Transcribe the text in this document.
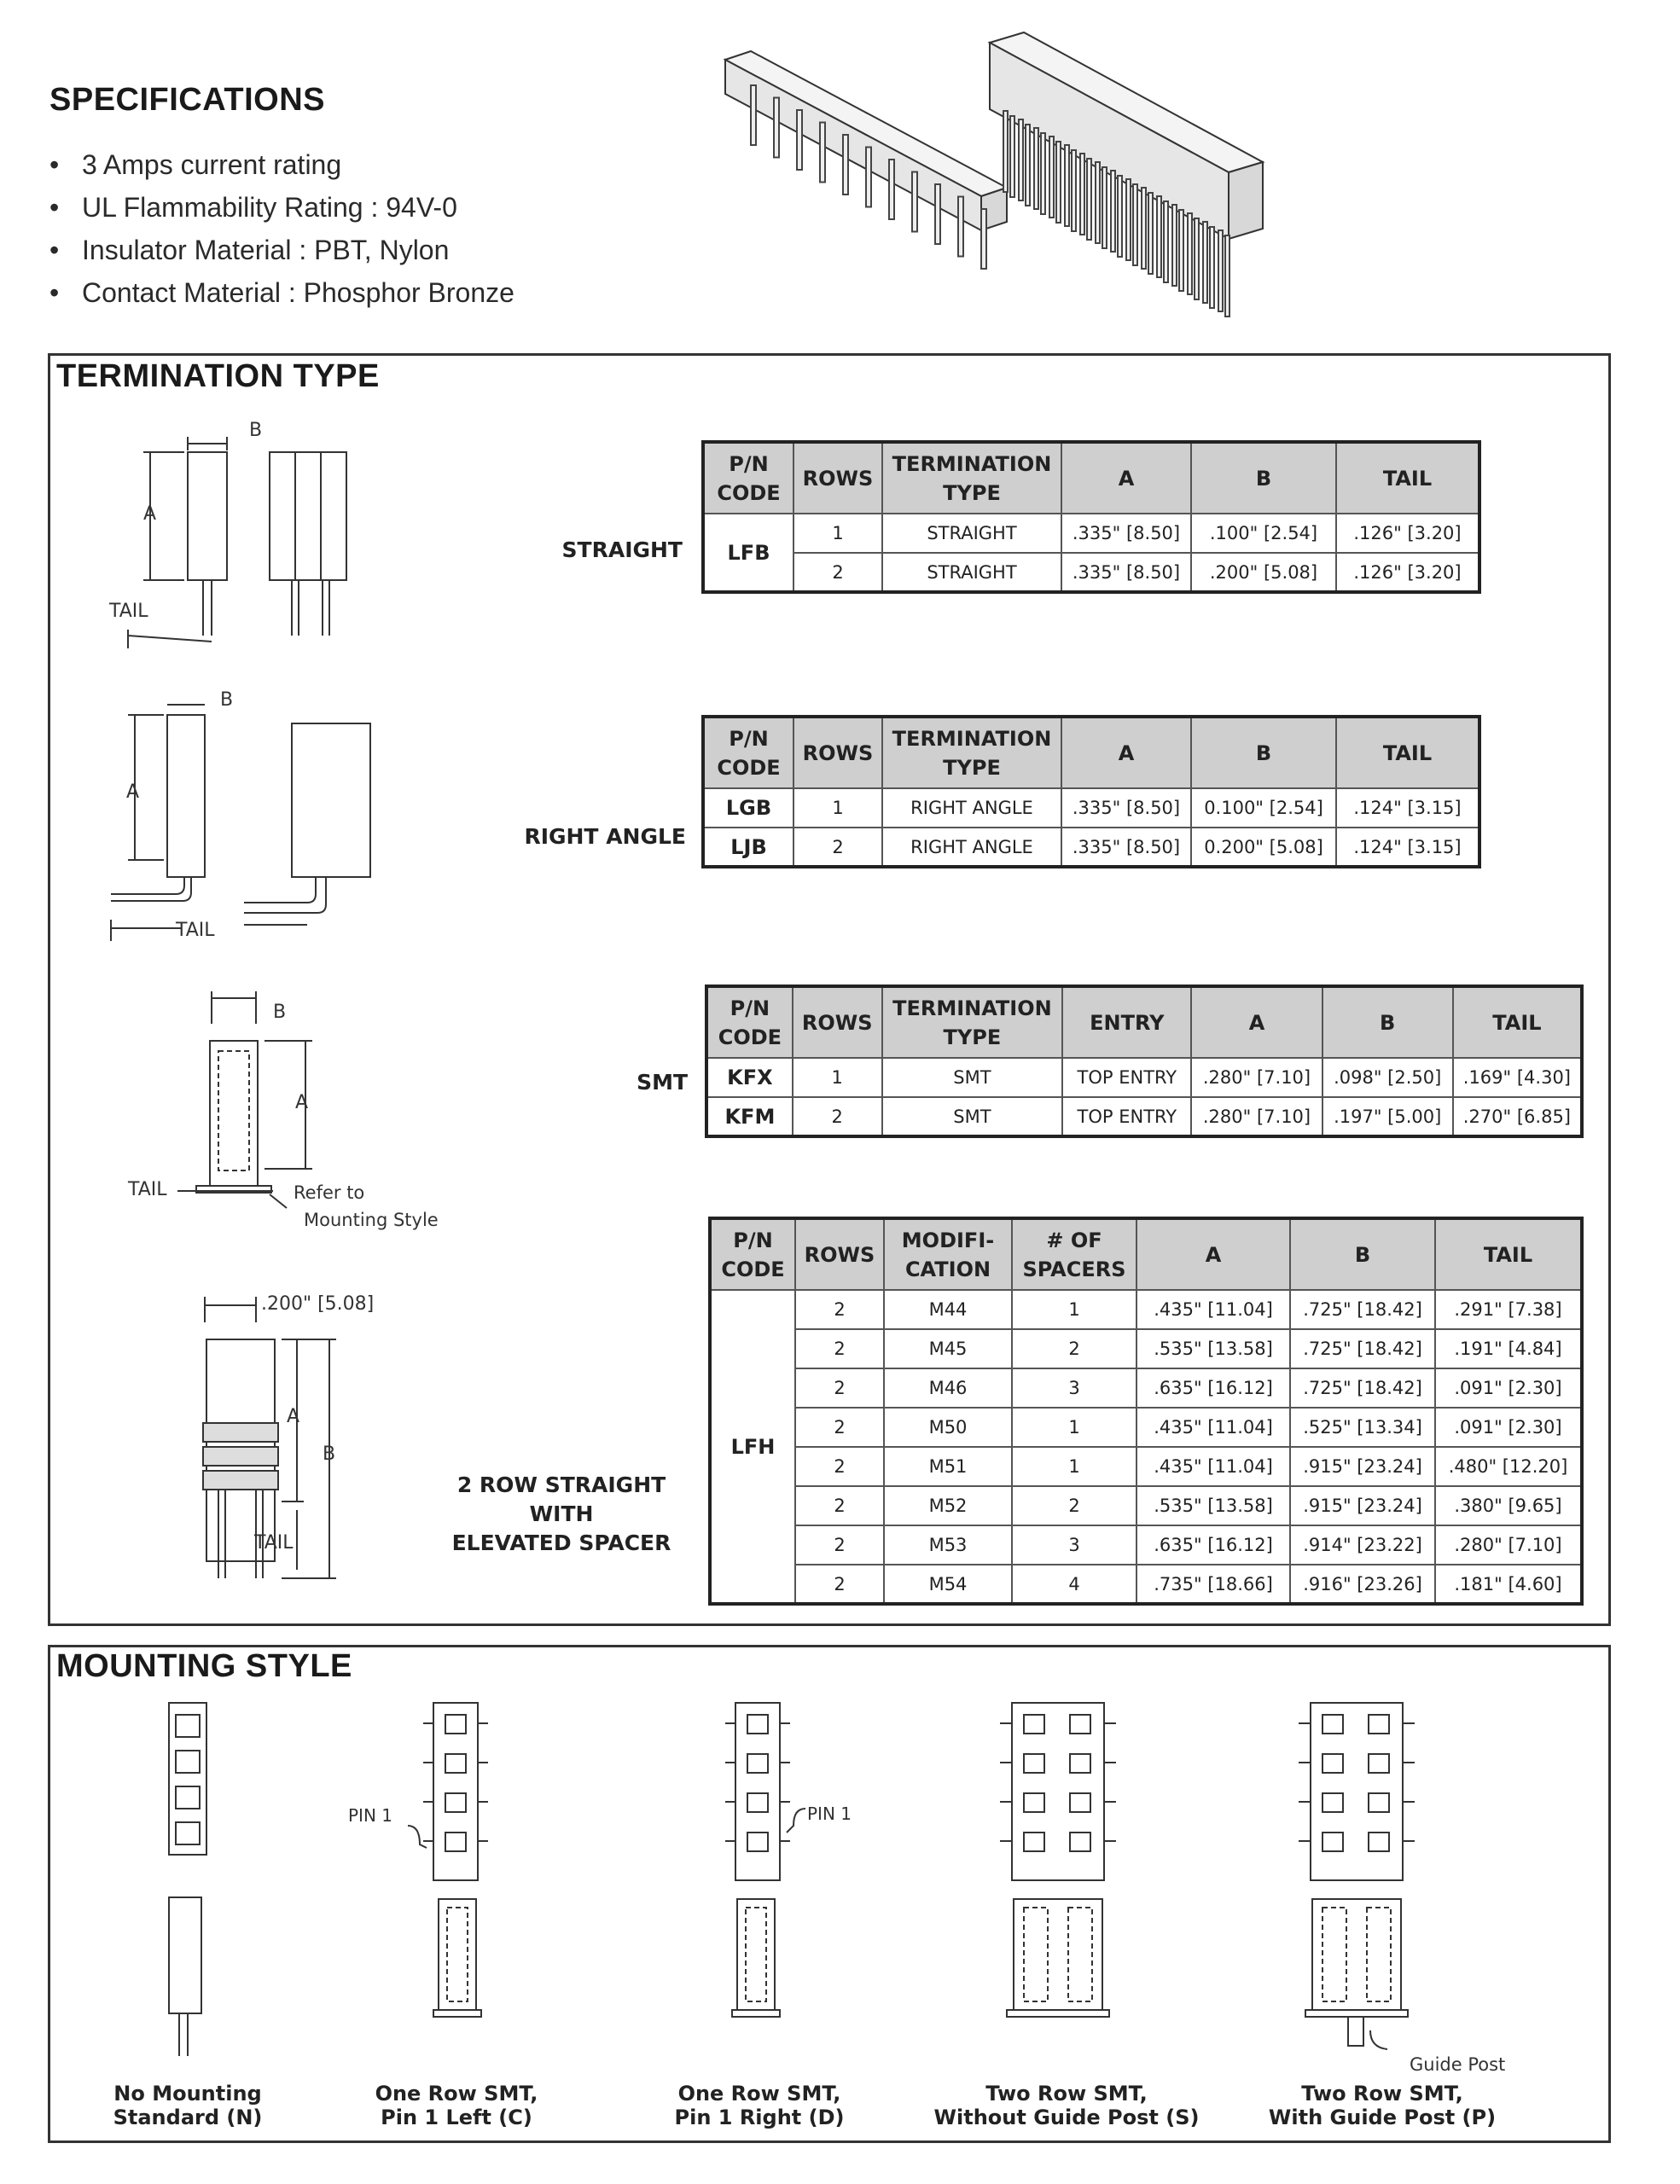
SPECIFICATIONS
• 3 Amps current rating
• UL Flammability Rating : 94V-0
• Insulator Material : PBT, Nylon
• Contact Material : Phosphor Bronze
TERMINATION TYPE
B
A
TAIL
STRAIGHT
P/N CODE	ROWS	TERMINATION TYPE	A	B	TAIL
LFB	1	STRAIGHT	.335" [8.50]	.100" [2.54]	.126" [3.20]
	2	STRAIGHT	.335" [8.50]	.200" [5.08]	.126" [3.20]
B
A
TAIL
RIGHT ANGLE
P/N CODE	ROWS	TERMINATION TYPE	A	B	TAIL
LGB	1	RIGHT ANGLE	.335" [8.50]	0.100" [2.54]	.124" [3.15]
LJB	2	RIGHT ANGLE	.335" [8.50]	0.200" [5.08]	.124" [3.15]
B
A
TAIL	Refer to
Mounting Style
SMT
P/N CODE	ROWS	TERMINATION TYPE	ENTRY	A	B	TAIL
KFX	1	SMT	TOP ENTRY	.280" [7.10]	.098" [2.50]	.169" [4.30]
KFM	2	SMT	TOP ENTRY	.280" [7.10]	.197" [5.00]	.270" [6.85]
.200" [5.08]
A
B
TAIL
2 ROW STRAIGHT WITH
ELEVATED SPACER
P/N CODE	ROWS	MODIFI- CATION	# OF SPACERS	A	B	TAIL
LFH	2	M44	1	.435" [11.04]	.725" [18.42]	.291" [7.38]
	2	M45	2	.535" [13.58]	.725" [18.42]	.191" [4.84]
	2	M46	3	.635" [16.12]	.725" [18.42]	.091" [2.30]
	2	M50	1	.435" [11.04]	.525" [13.34]	.091" [2.30]
	2	M51	1	.435" [11.04]	.915" [23.24]	.480" [12.20]
	2	M52	2	.535" [13.58]	.915" [23.24]	.380" [9.65]
	2	M53	3	.635" [16.12]	.914" [23.22]	.280" [7.10]
	2	M54	4	.735" [18.66]	.916" [23.26]	.181" [4.60]
MOUNTING STYLE
PIN 1	PIN 1
Guide Post
No Mounting
Standard (N)
One Row SMT,
Pin 1 Left (C)
One Row SMT,
Pin 1 Right (D)
Two Row SMT,
Without Guide Post (S)
Two Row SMT,
With Guide Post (P)
